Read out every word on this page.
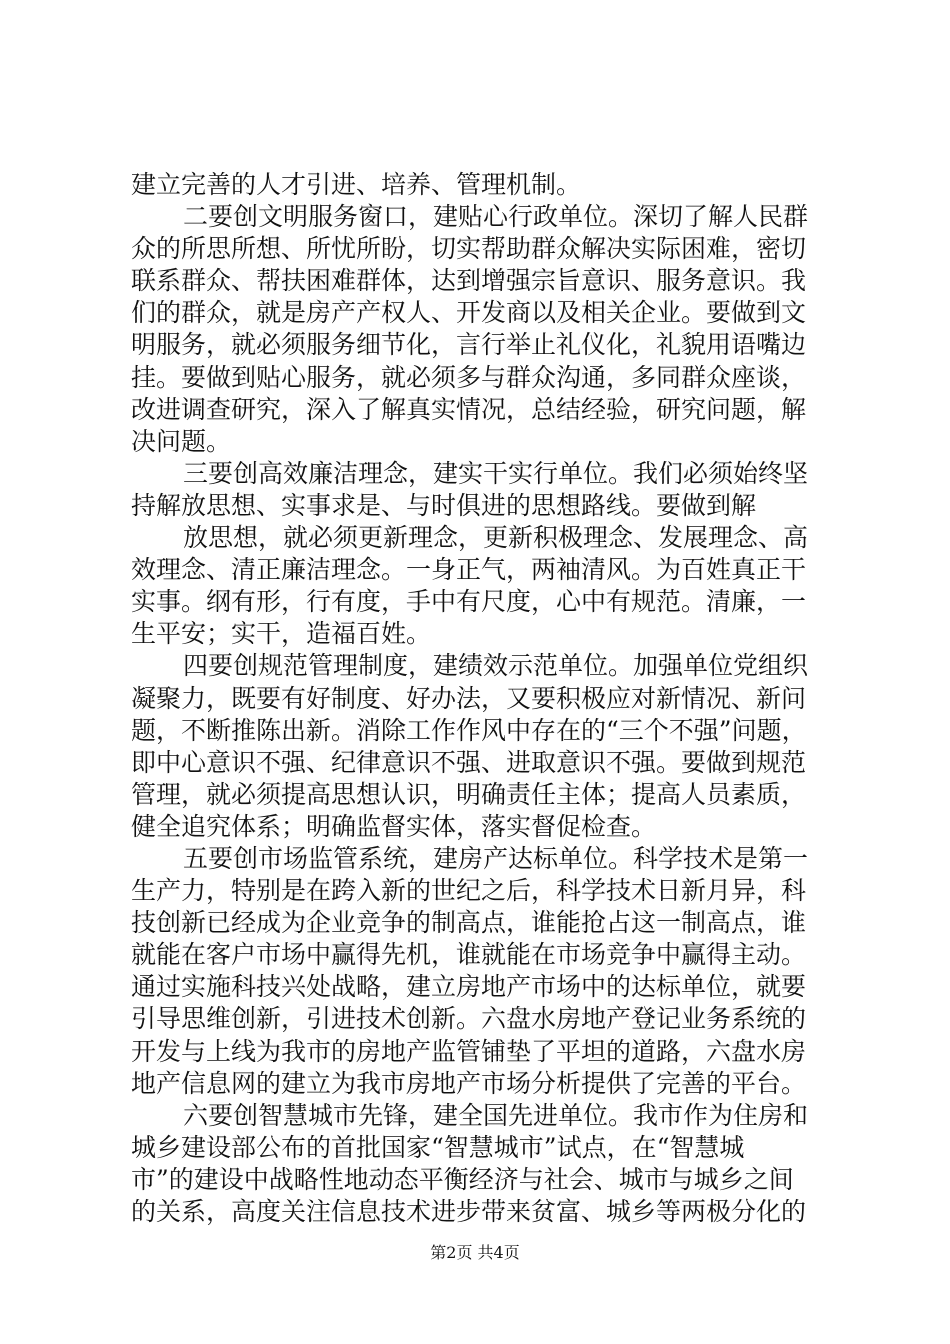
建立完善的人才引进、培养、管理机制。
二要创文明服务窗口，建贴心行政单位。深切了解人民群
众的所思所想、所忧所盼，切实帮助群众解决实际困难，密切
联系群众、帮扶困难群体，达到增强宗旨意识、服务意识。我
们的群众，就是房产产权人、开发商以及相关企业。要做到文
明服务，就必须服务细节化，言行举止礼仪化，礼貌用语嘴边
挂。要做到贴心服务，就必须多与群众沟通，多同群众座谈，
改进调查研究，深入了解真实情况，总结经验，研究问题，解
决问题。
三要创高效廉洁理念，建实干实行单位。我们必须始终坚
持解放思想、实事求是、与时俱进的思想路线。要做到解
放思想，就必须更新理念，更新积极理念、发展理念、高
效理念、清正廉洁理念。一身正气，两袖清风。为百姓真正干
实事。纲有形，行有度，手中有尺度，心中有规范。清廉，一
生平安；实干，造福百姓。
四要创规范管理制度，建绩效示范单位。加强单位党组织
凝聚力，既要有好制度、好办法，又要积极应对新情况、新问
题，不断推陈出新。消除工作作风中存在的“三个不强”问题，
即中心意识不强、纪律意识不强、进取意识不强。要做到规范
管理，就必须提高思想认识，明确责任主体；提高人员素质，
健全追究体系；明确监督实体，落实督促检查。
五要创市场监管系统，建房产达标单位。科学技术是第一
生产力，特别是在跨入新的世纪之后，科学技术日新月异，科
技创新已经成为企业竞争的制高点，谁能抢占这一制高点，谁
就能在客户市场中赢得先机，谁就能在市场竞争中赢得主动。
通过实施科技兴处战略，建立房地产市场中的达标单位，就要
引导思维创新，引进技术创新。六盘水房地产登记业务系统的
开发与上线为我市的房地产监管铺垫了平坦的道路，六盘水房
地产信息网的建立为我市房地产市场分析提供了完善的平台。
六要创智慧城市先锋，建全国先进单位。我市作为住房和
城乡建设部公布的首批国家“智慧城市”试点，在“智慧城
市”的建设中战略性地动态平衡经济与社会、城市与城乡之间
的关系，高度关注信息技术进步带来贫富、城乡等两极分化的
第2页 共4页
